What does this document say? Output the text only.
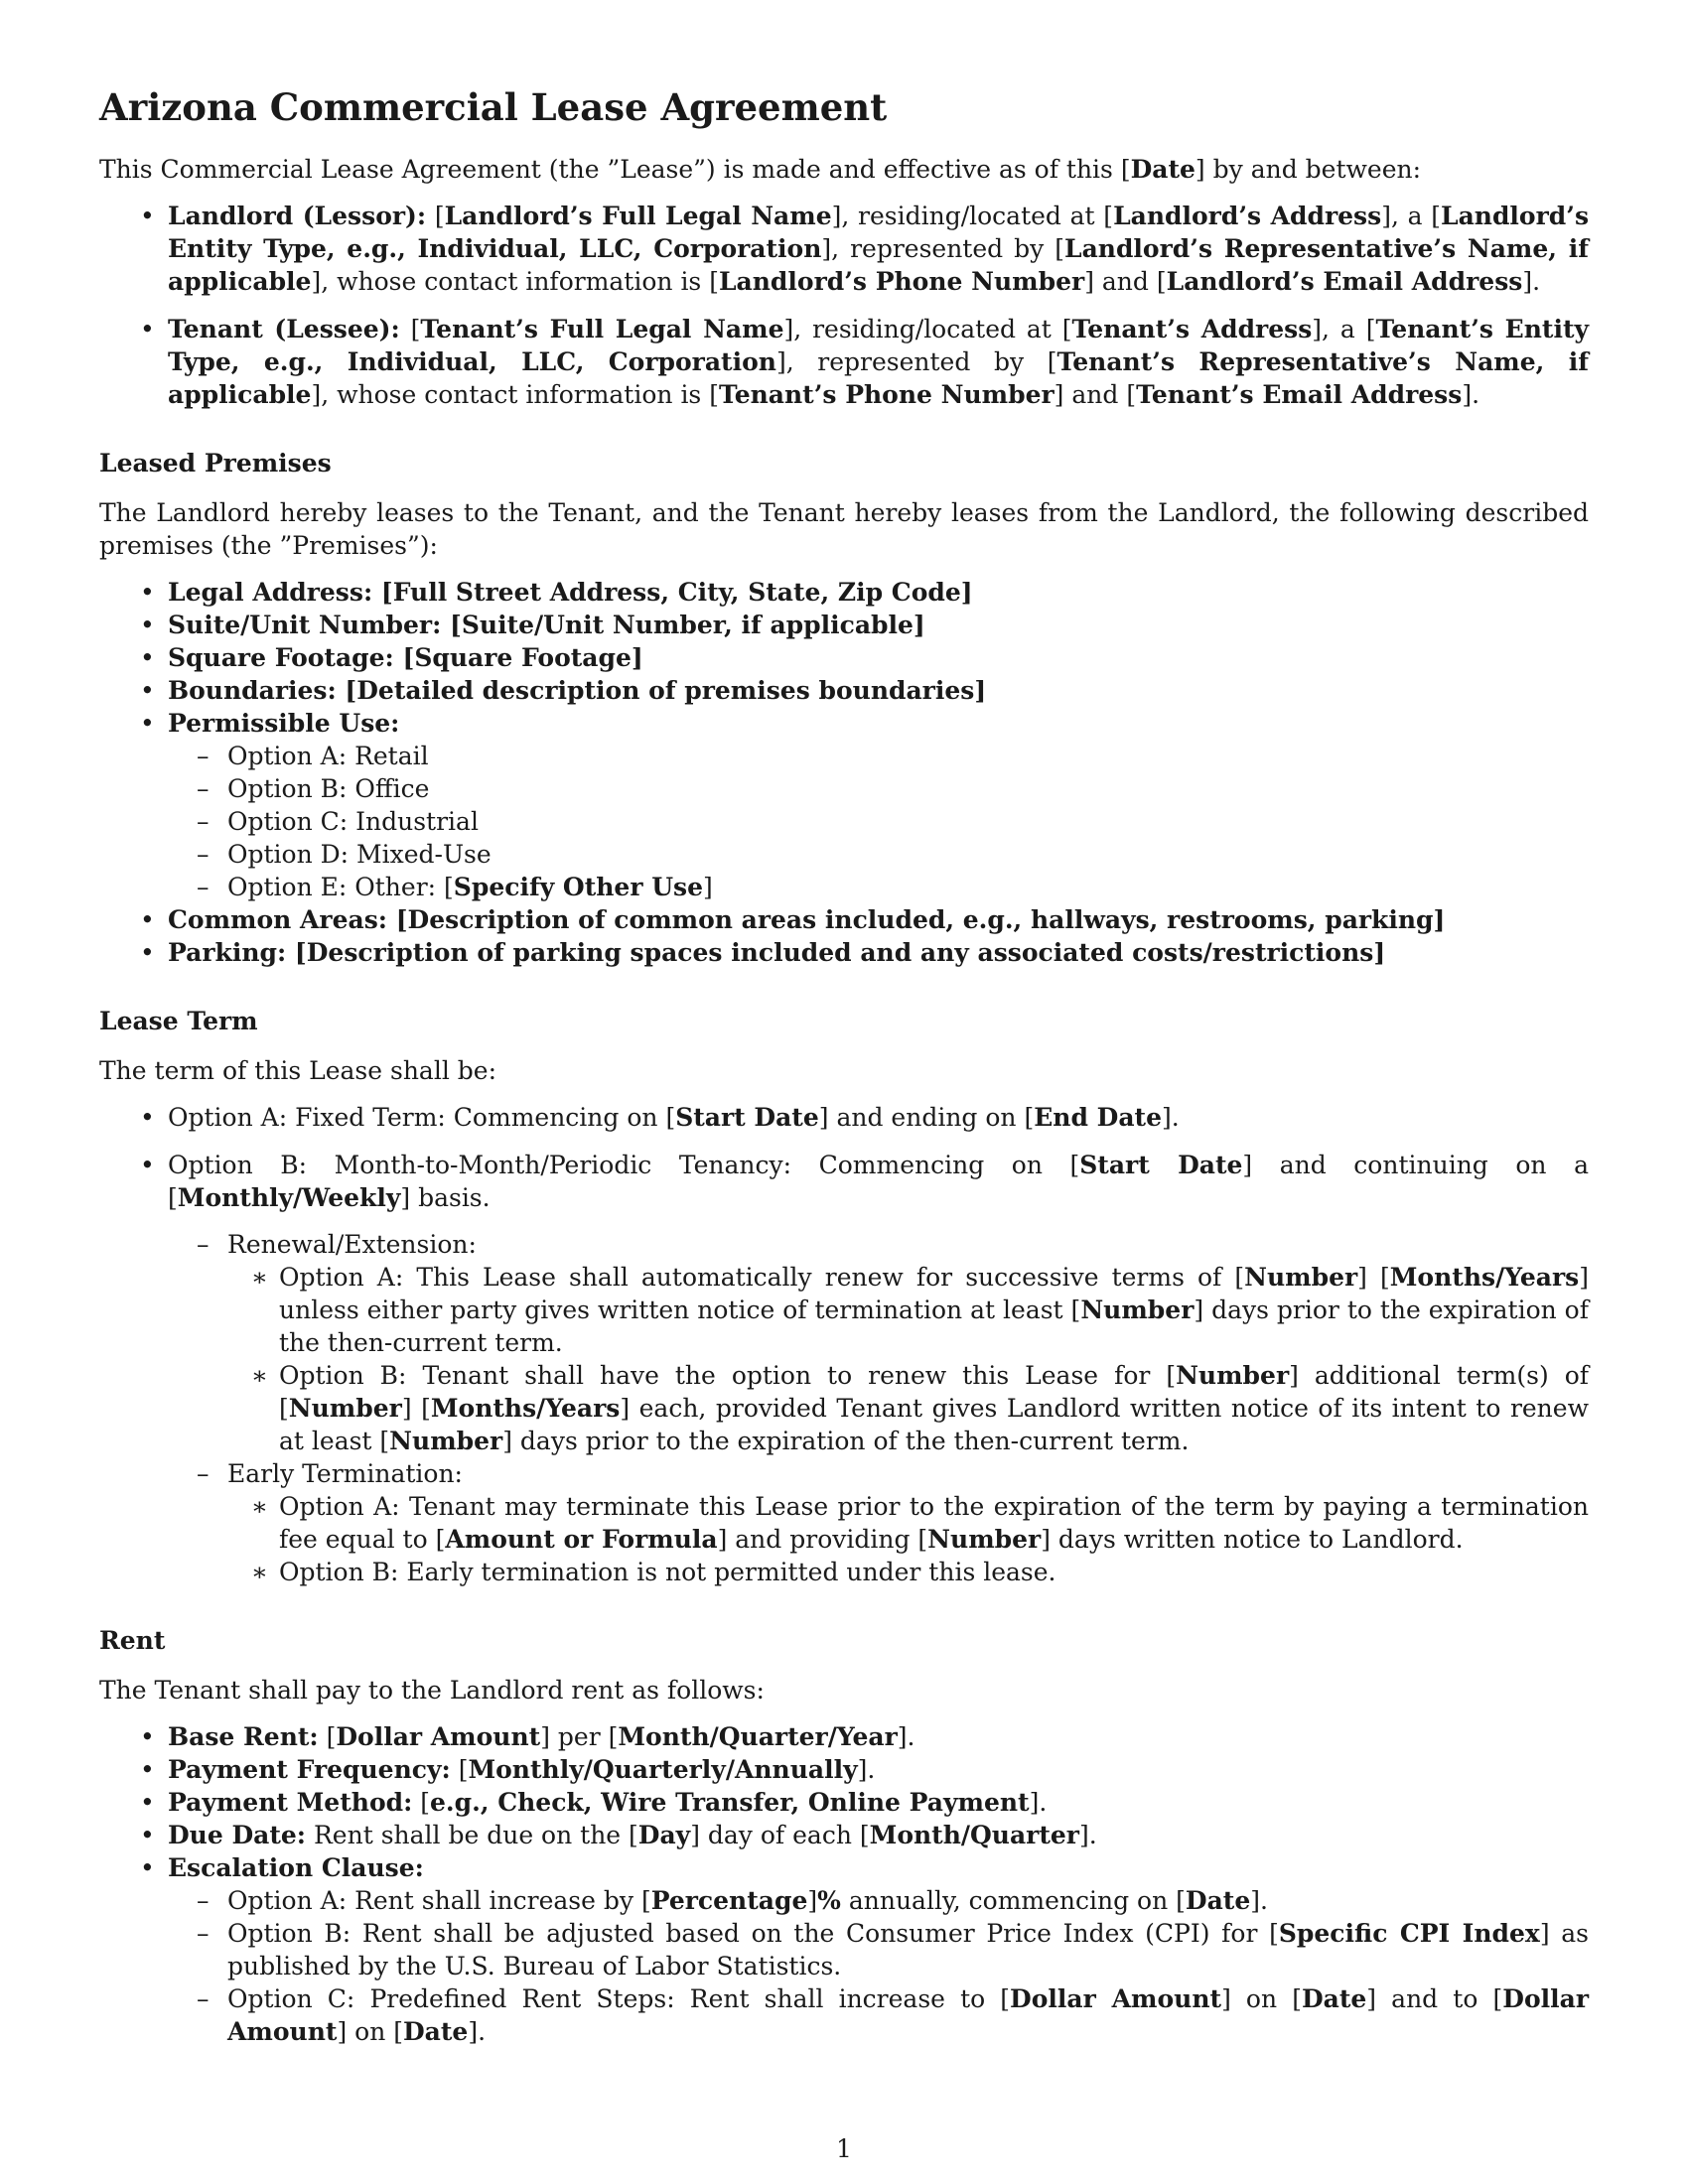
Arizona Commercial Lease Agreement

This Commercial Lease Agreement (the ”Lease”) is made and effective as of this [Date] by and between:

• Landlord (Lessor): [Landlord’s Full Legal Name], residing/located at [Landlord’s Address], a [Landlord’s Entity Type, e.g., Individual, LLC, Corporation], represented by [Landlord’s Representative’s Name, if applicable], whose contact information is [Landlord’s Phone Number] and [Landlord’s Email Address].
• Tenant (Lessee): [Tenant’s Full Legal Name], residing/located at [Tenant’s Address], a [Tenant’s Entity Type, e.g., Individual, LLC, Corporation], represented by [Tenant’s Representative’s Name, if applicable], whose contact information is [Tenant’s Phone Number] and [Tenant’s Email Address].
Leased Premises

The Landlord hereby leases to the Tenant, and the Tenant hereby leases from the Landlord, the following described premises (the ”Premises”):

• Legal Address: [Full Street Address, City, State, Zip Code]
• Suite/Unit Number: [Suite/Unit Number, if applicable]
• Square Footage: [Square Footage]
• Boundaries: [Detailed description of premises boundaries]
• Permissible Use:
– Option A: Retail
– Option B: Office
– Option C: Industrial
– Option D: Mixed-Use
– Option E: Other: [Specify Other Use]
• Common Areas: [Description of common areas included, e.g., hallways, restrooms, parking]
• Parking: [Description of parking spaces included and any associated costs/restrictions]
Lease Term

The term of this Lease shall be:

• Option A: Fixed Term: Commencing on [Start Date] and ending on [End Date].
• Option B: Month-to-Month/Periodic Tenancy: Commencing on [Start Date] and continuing on a [Monthly/Weekly] basis.
– Renewal/Extension:
∗ Option A: This Lease shall automatically renew for successive terms of [Number] [Months/Years] unless either party gives written notice of termination at least [Number] days prior to the expiration of the then-current term.
∗ Option B: Tenant shall have the option to renew this Lease for [Number] additional term(s) of [Number] [Months/Years] each, provided Tenant gives Landlord written notice of its intent to renew at least [Number] days prior to the expiration of the then-current term.
– Early Termination:
∗ Option A: Tenant may terminate this Lease prior to the expiration of the term by paying a termination fee equal to [Amount or Formula] and providing [Number] days written notice to Landlord.
∗ Option B: Early termination is not permitted under this lease.
Rent

The Tenant shall pay to the Landlord rent as follows:

• Base Rent: [Dollar Amount] per [Month/Quarter/Year].
• Payment Frequency: [Monthly/Quarterly/Annually].
• Payment Method: [e.g., Check, Wire Transfer, Online Payment].
• Due Date: Rent shall be due on the [Day] day of each [Month/Quarter].
• Escalation Clause:
– Option A: Rent shall increase by [Percentage]% annually, commencing on [Date].
– Option B: Rent shall be adjusted based on the Consumer Price Index (CPI) for [Specific CPI Index] as published by the U.S. Bureau of Labor Statistics.
– Option C: Predefined Rent Steps: Rent shall increase to [Dollar Amount] on [Date] and to [Dollar Amount] on [Date].
1
